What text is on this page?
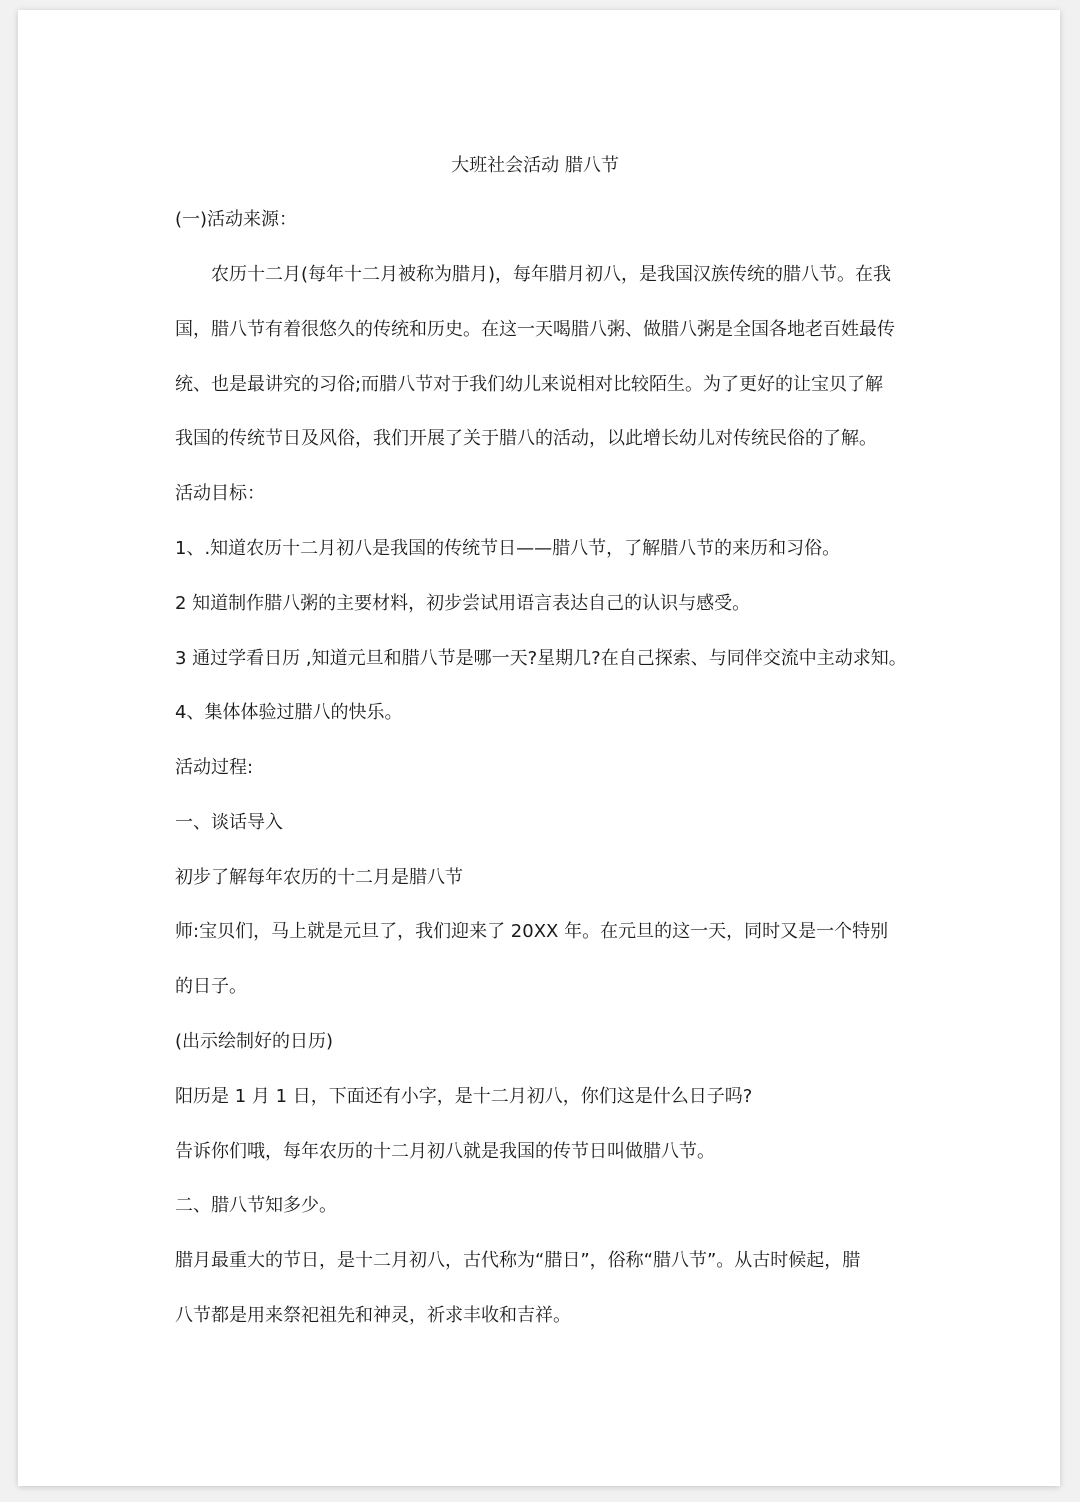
大班社会活动 腊八节
(一)活动来源：
农历十二月(每年十二月被称为腊月)，每年腊月初八，是我国汉族传统的腊八节。在我
国，腊八节有着很悠久的传统和历史。在这一天喝腊八粥、做腊八粥是全国各地老百姓最传
统、也是最讲究的习俗;而腊八节对于我们幼儿来说相对比较陌生。为了更好的让宝贝了解
我国的传统节日及风俗，我们开展了关于腊八的活动，以此增长幼儿对传统民俗的了解。
活动目标：
1、.知道农历十二月初八是我国的传统节日——腊八节，了解腊八节的来历和习俗。
2 知道制作腊八粥的主要材料，初步尝试用语言表达自己的认识与感受。
3 通过学看日历 ,知道元旦和腊八节是哪一天?星期几?在自己探索、与同伴交流中主动求知。
4、集体体验过腊八的快乐。
活动过程:
一、谈话导入
初步了解每年农历的十二月是腊八节
师:宝贝们，马上就是元旦了，我们迎来了 20XX 年。在元旦的这一天，同时又是一个特别
的日子。
(出示绘制好的日历)
阳历是 1 月 1 日，下面还有小字，是十二月初八，你们这是什么日子吗?
告诉你们哦，每年农历的十二月初八就是我国的传节日叫做腊八节。
二、腊八节知多少。
腊月最重大的节日，是十二月初八，古代称为“腊日”，俗称“腊八节”。从古时候起，腊
八节都是用来祭祀祖先和神灵，祈求丰收和吉祥。
